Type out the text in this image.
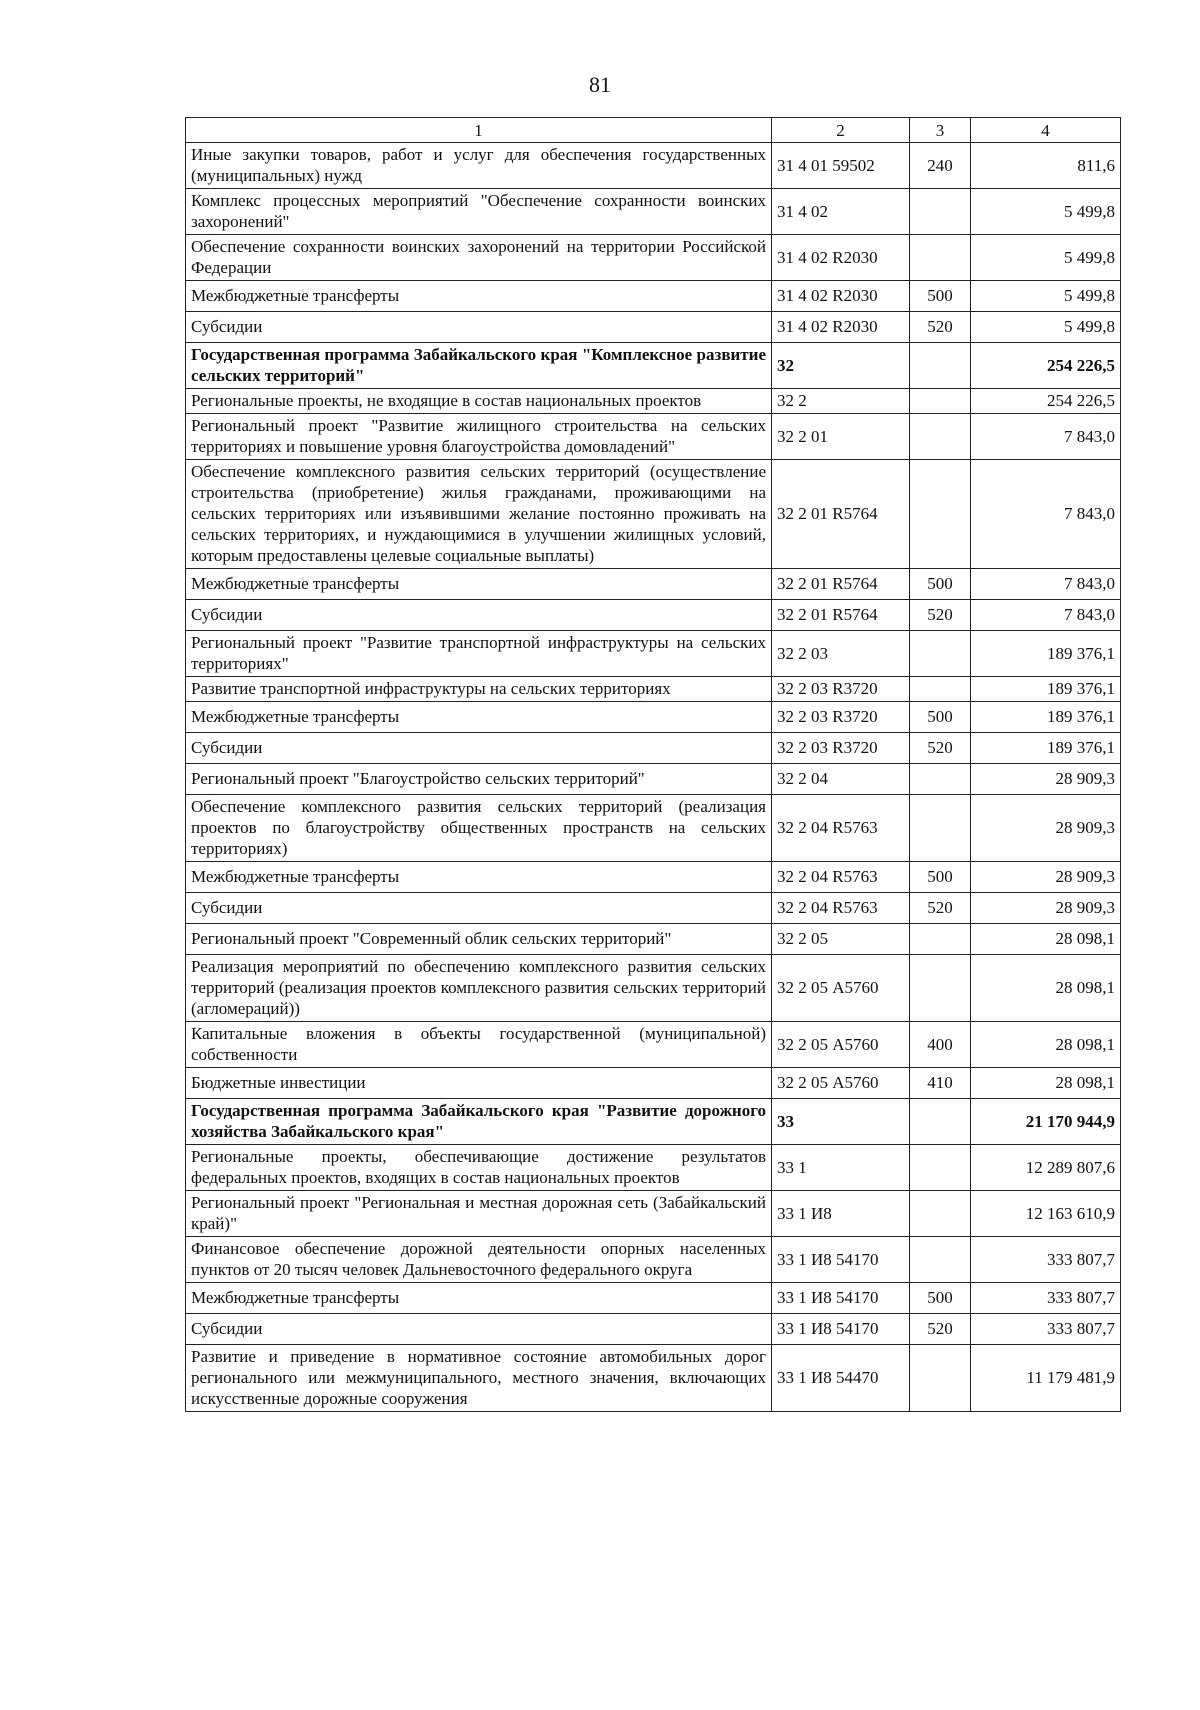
81
1	2	3	4
Иные закупки товаров, работ и услуг для обеспечения государственных (муниципальных) нужд	31 4 01 59502	240	811,6
Комплекс процессных мероприятий "Обеспечение сохранности воинских захоронений"	31 4 02		5 499,8
Обеспечение сохранности воинских захоронений на территории Российской Федерации	31 4 02 R2030		5 499,8
Межбюджетные трансферты	31 4 02 R2030	500	5 499,8
Субсидии	31 4 02 R2030	520	5 499,8
Государственная программа Забайкальского края "Комплексное развитие сельских территорий"	32		254 226,5
Региональные проекты, не входящие в состав национальных проектов	32 2		254 226,5
Региональный проект "Развитие жилищного строительства на сельских территориях и повышение уровня благоустройства домовладений"	32 2 01		7 843,0
Обеспечение комплексного развития сельских территорий (осуществление строительства (приобретение) жилья гражданами, проживающими на сельских территориях или изъявившими желание постоянно проживать на сельских территориях, и нуждающимися в улучшении жилищных условий, которым предоставлены целевые социальные выплаты)	32 2 01 R5764		7 843,0
Межбюджетные трансферты	32 2 01 R5764	500	7 843,0
Субсидии	32 2 01 R5764	520	7 843,0
Региональный проект "Развитие транспортной инфраструктуры на сельских территориях"	32 2 03		189 376,1
Развитие транспортной инфраструктуры на сельских территориях	32 2 03 R3720		189 376,1
Межбюджетные трансферты	32 2 03 R3720	500	189 376,1
Субсидии	32 2 03 R3720	520	189 376,1
Региональный проект "Благоустройство сельских территорий"	32 2 04		28 909,3
Обеспечение комплексного развития сельских территорий (реализация проектов по благоустройству общественных пространств на сельских территориях)	32 2 04 R5763		28 909,3
Межбюджетные трансферты	32 2 04 R5763	500	28 909,3
Субсидии	32 2 04 R5763	520	28 909,3
Региональный проект "Современный облик сельских территорий"	32 2 05		28 098,1
Реализация мероприятий по обеспечению комплексного развития сельских территорий (реализация проектов комплексного развития сельских территорий (агломераций))	32 2 05 А5760		28 098,1
Капитальные вложения в объекты государственной (муниципальной) собственности	32 2 05 А5760	400	28 098,1
Бюджетные инвестиции	32 2 05 А5760	410	28 098,1
Государственная программа Забайкальского края "Развитие дорожного хозяйства Забайкальского края"	33		21 170 944,9
Региональные проекты, обеспечивающие достижение результатов федеральных проектов, входящих в состав национальных проектов	33 1		12 289 807,6
Региональный проект "Региональная и местная дорожная сеть (Забайкальский край)"	33 1 И8		12 163 610,9
Финансовое обеспечение дорожной деятельности опорных населенных пунктов от 20 тысяч человек Дальневосточного федерального округа	33 1 И8 54170		333 807,7
Межбюджетные трансферты	33 1 И8 54170	500	333 807,7
Субсидии	33 1 И8 54170	520	333 807,7
Развитие и приведение в нормативное состояние автомобильных дорог регионального или межмуниципального, местного значения, включающих искусственные дорожные сооружения	33 1 И8 54470		11 179 481,9
